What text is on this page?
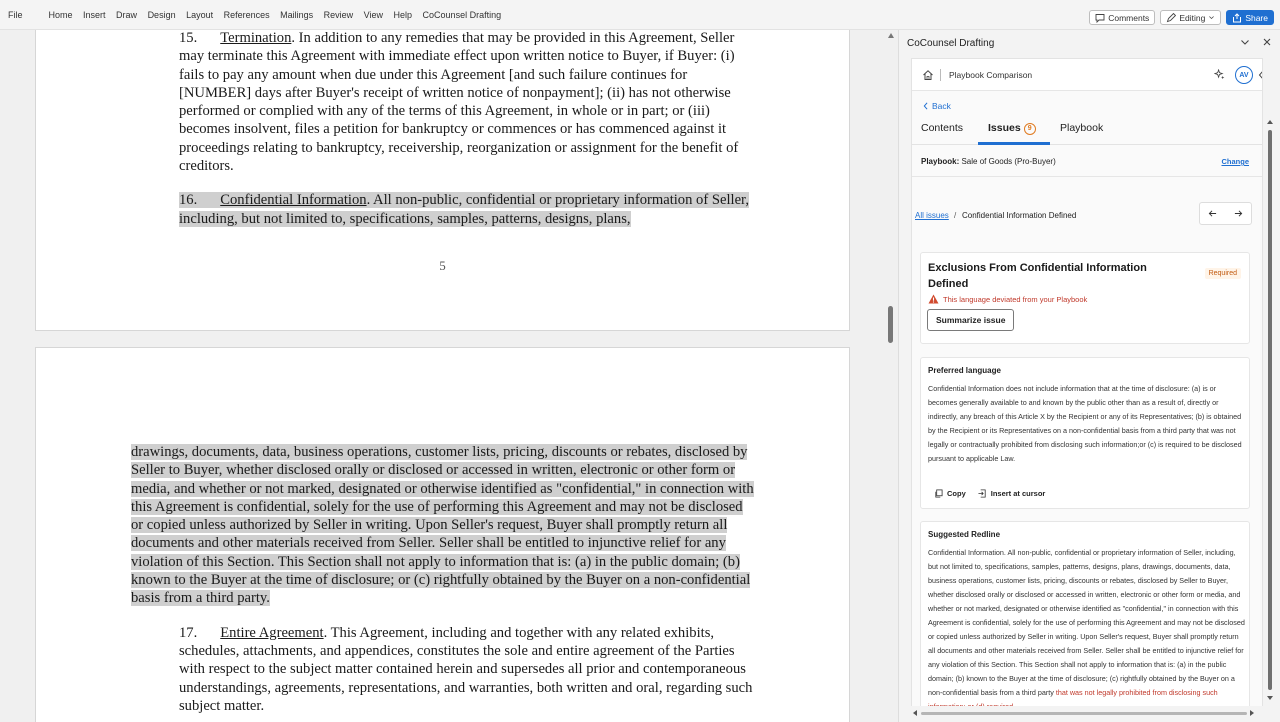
File	Home Insert Draw Design Layout References Mailings Review View Help CoCounsel Drafting	Comments	Editing	Share

15. Termination. In addition to any remedies that may be provided in this Agreement, Seller may terminate this Agreement with immediate effect upon written notice to Buyer, if Buyer: (i) fails to pay any amount when due under this Agreement [and such failure continues for [NUMBER] days after Buyer's receipt of written notice of nonpayment]; (ii) has not otherwise performed or complied with any of the terms of this Agreement, in whole or in part; or (iii) becomes insolvent, files a petition for bankruptcy or commences or has commenced against it proceedings relating to bankruptcy, receivership, reorganization or assignment for the benefit of creditors.

16. Confidential Information. All non-public, confidential or proprietary information of Seller, including, but not limited to, specifications, samples, patterns, designs, plans,

5

drawings, documents, data, business operations, customer lists, pricing, discounts or rebates, disclosed by Seller to Buyer, whether disclosed orally or disclosed or accessed in written, electronic or other form or media, and whether or not marked, designated or otherwise identified as "confidential," in connection with this Agreement is confidential, solely for the use of performing this Agreement and may not be disclosed or copied unless authorized by Seller in writing. Upon Seller's request, Buyer shall promptly return all documents and other materials received from Seller. Seller shall be entitled to injunctive relief for any violation of this Section. This Section shall not apply to information that is: (a) in the public domain; (b) known to the Buyer at the time of disclosure; or (c) rightfully obtained by the Buyer on a non-confidential basis from a third party.

17. Entire Agreement. This Agreement, including and together with any related exhibits, schedules, attachments, and appendices, constitutes the sole and entire agreement of the Parties with respect to the subject matter contained herein and supersedes all prior and contemporaneous understandings, agreements, representations, and warranties, both written and oral, regarding such subject matter.

CoCounsel Drafting
Playbook Comparison	AV
Back
Contents Issues 9	Playbook
Playbook: Sale of Goods (Pro-Buyer)	Change
All issues / Confidential Information Defined
Exclusions From Confidential Information Defined
Required
This language deviated from your Playbook
Summarize issue
Preferred language
Confidential Information does not include information that at the time of disclosure: (a) is or becomes generally available to and known by the public other than as a result of, directly or indirectly, any breach of this Article X by the Recipient or any of its Representatives; (b) is obtained by the Recipient or its Representatives on a non-confidential basis from a third party that was not legally or contractually prohibited from disclosing such information;or (c) is required to be disclosed pursuant to applicable Law.
Copy	Insert at cursor
Suggested Redline
Confidential Information. All non-public, confidential or proprietary information of Seller, including, but not limited to, specifications, samples, patterns, designs, plans, drawings, documents, data, business operations, customer lists, pricing, discounts or rebates, disclosed by Seller to Buyer, whether disclosed orally or disclosed or accessed in written, electronic or other form or media, and whether or not marked, designated or otherwise identified as "confidential," in connection with this Agreement is confidential, solely for the use of performing this Agreement and may not be disclosed or copied unless authorized by Seller in writing. Upon Seller's request, Buyer shall promptly return all documents and other materials received from Seller. Seller shall be entitled to injunctive relief for any violation of this Section. This Section shall not apply to information that is: (a) in the public domain; (b) known to the Buyer at the time of disclosure; (c) rightfully obtained by the Buyer on a non-confidential basis from a third party that was not legally prohibited from disclosing such
